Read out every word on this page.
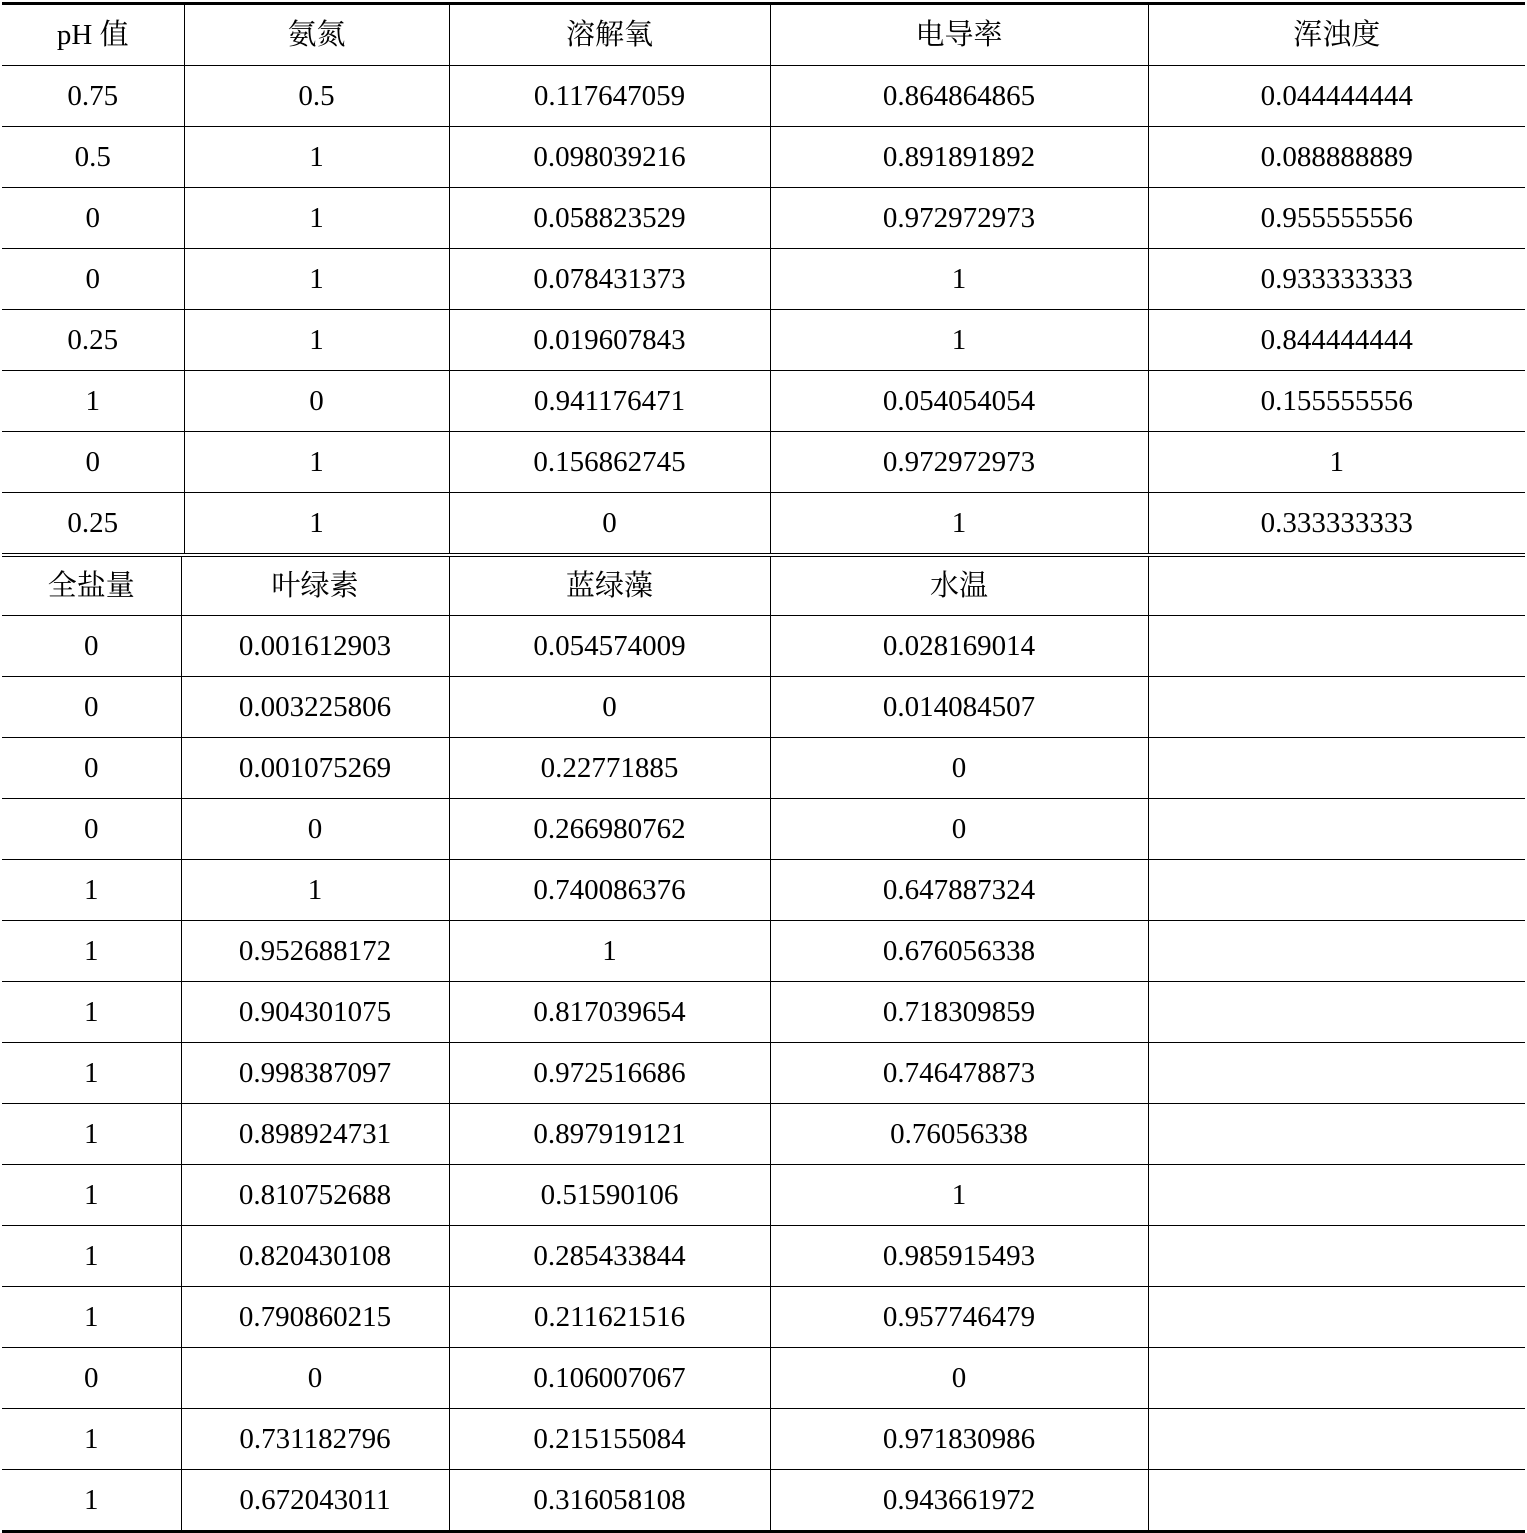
pH 值	氨氮	溶解氧	电导率	浑浊度
0.75	0.5	0.117647059	0.864864865	0.044444444
0.5	1	0.098039216	0.891891892	0.088888889
0	1	0.058823529	0.972972973	0.955555556
0	1	0.078431373	1	0.933333333
0.25	1	0.019607843	1	0.844444444
1	0	0.941176471	0.054054054	0.155555556
0	1	0.156862745	0.972972973	1
0.25	1	0	1	0.333333333
全盐量	叶绿素	蓝绿藻	水温	
0	0.001612903	0.054574009	0.028169014	
0	0.003225806	0	0.014084507	
0	0.001075269	0.22771885	0	
0	0	0.266980762	0	
1	1	0.740086376	0.647887324	
1	0.952688172	1	0.676056338	
1	0.904301075	0.817039654	0.718309859	
1	0.998387097	0.972516686	0.746478873	
1	0.898924731	0.897919121	0.76056338	
1	0.810752688	0.51590106	1	
1	0.820430108	0.285433844	0.985915493	
1	0.790860215	0.211621516	0.957746479	
0	0	0.106007067	0	
1	0.731182796	0.215155084	0.971830986	
1	0.672043011	0.316058108	0.943661972	
